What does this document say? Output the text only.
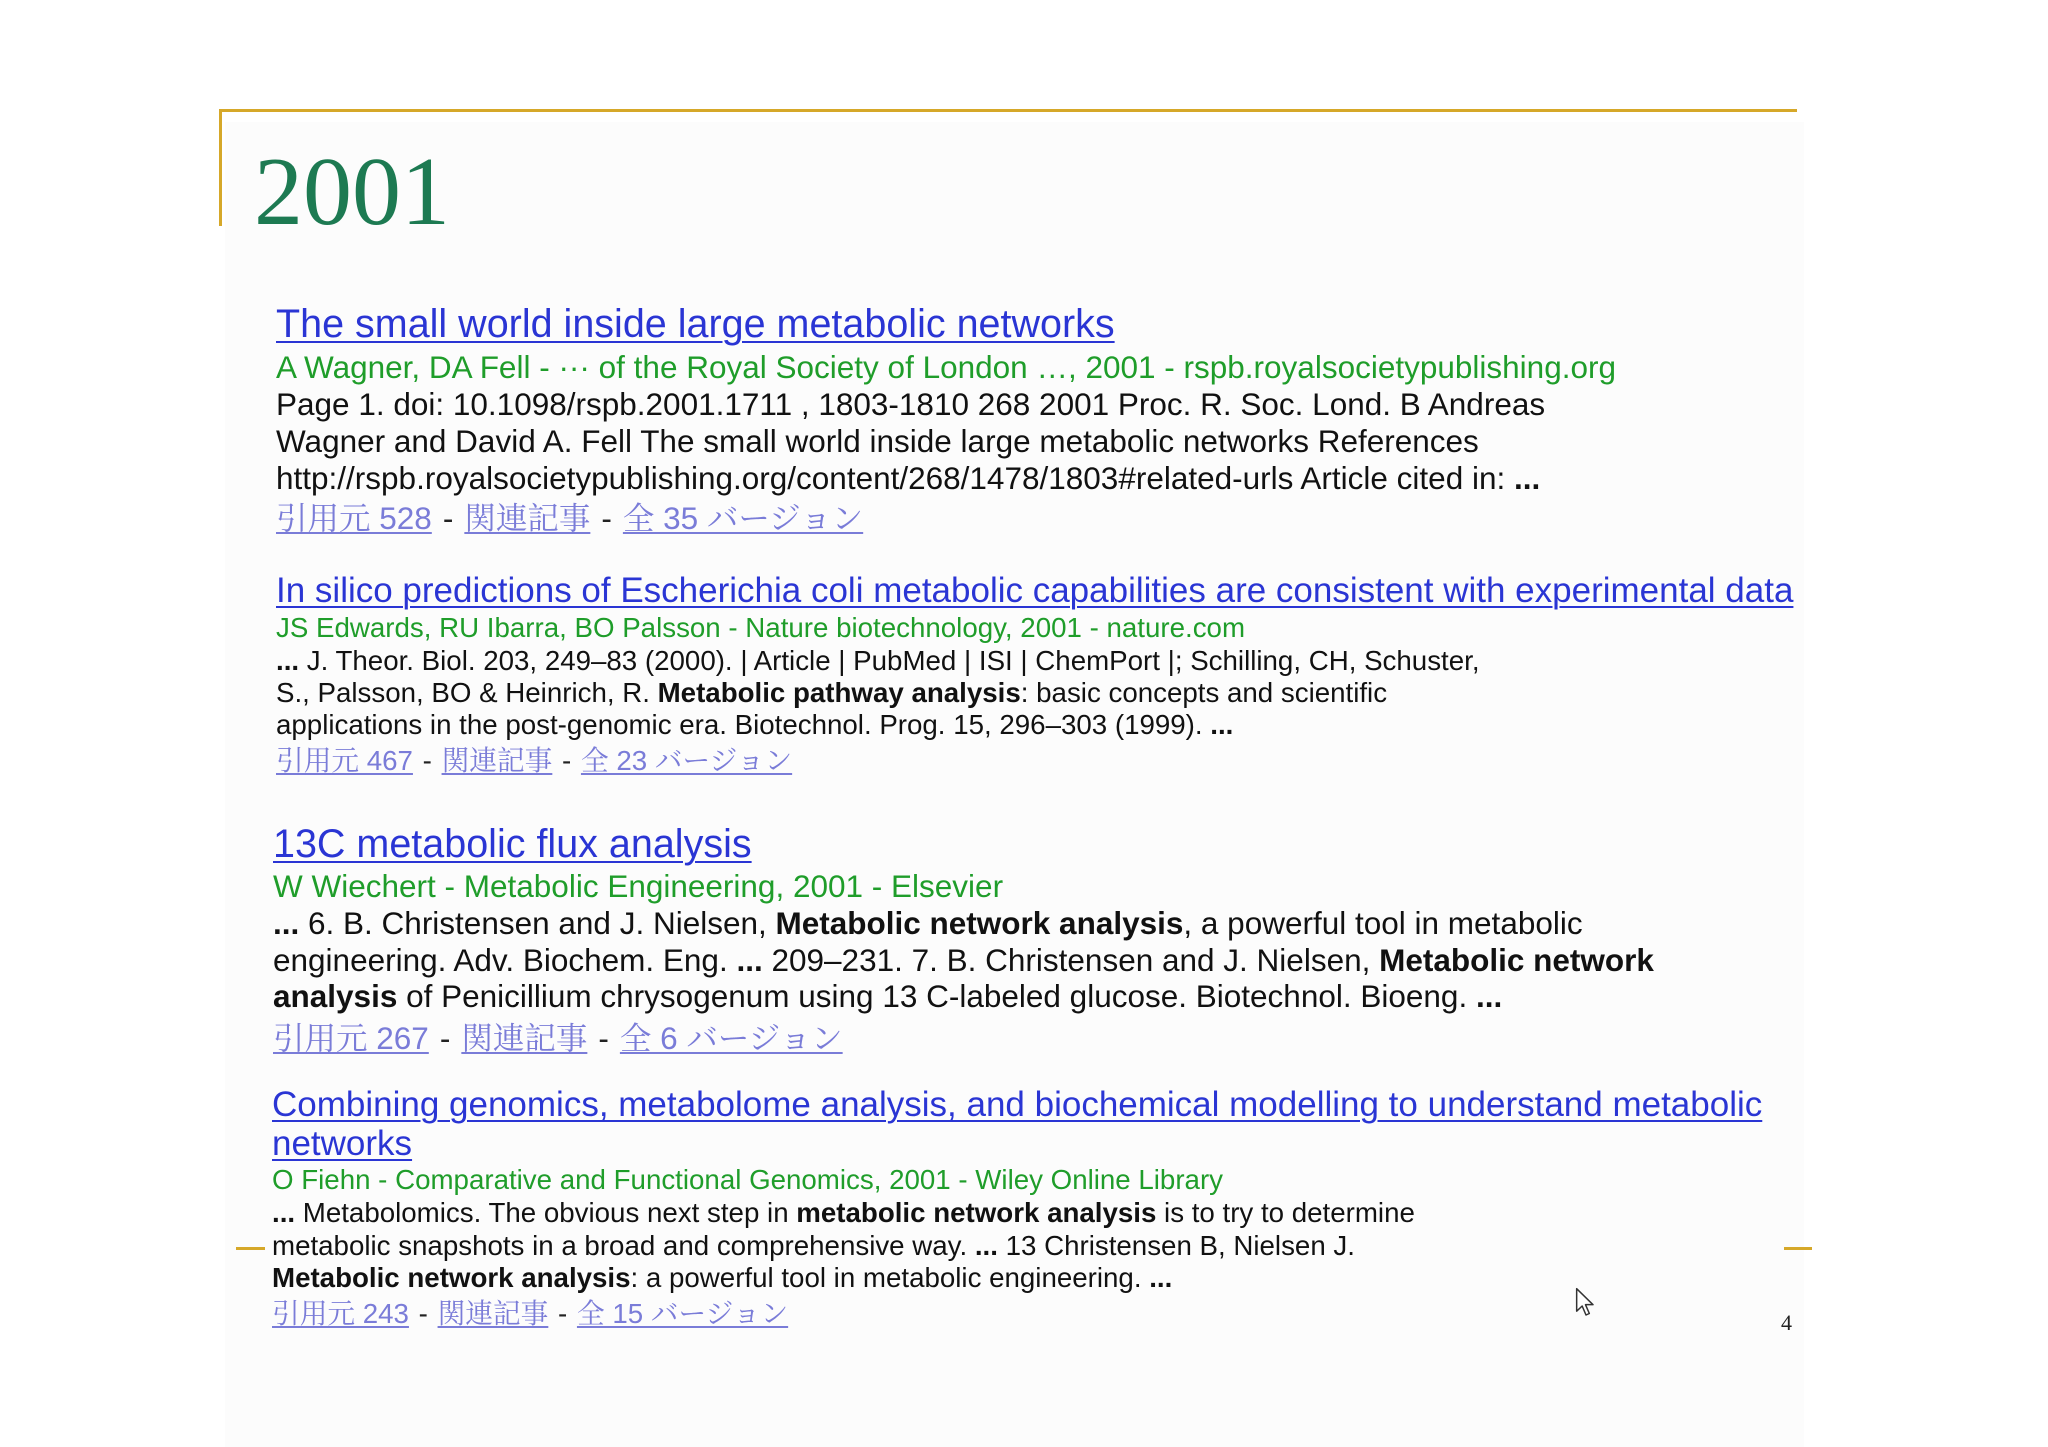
2001
The small world inside large metabolic networks
A Wagner, DA Fell - ··· of the Royal Society of London …, 2001 - rspb.royalsocietypublishing.org
Page 1. doi: 10.1098/rspb.2001.1711 , 1803-1810 268 2001 Proc. R. Soc. Lond. B Andreas
Wagner and David A. Fell The small world inside large metabolic networks References
http://rspb.royalsocietypublishing.org/content/268/1478/1803#related-urls Article cited in: ...
引用元 528 - 関連記事 - 全 35 バージョン
In silico predictions of Escherichia coli metabolic capabilities are consistent with experimental data
JS Edwards, RU Ibarra, BO Palsson - Nature biotechnology, 2001 - nature.com
... J. Theor. Biol. 203, 249–83 (2000). | Article | PubMed | ISI | ChemPort |; Schilling, CH, Schuster,
S., Palsson, BO & Heinrich, R. Metabolic pathway analysis: basic concepts and scientific
applications in the post-genomic era. Biotechnol. Prog. 15, 296–303 (1999). ...
引用元 467 - 関連記事 - 全 23 バージョン
13C metabolic flux analysis
W Wiechert - Metabolic Engineering, 2001 - Elsevier
... 6. B. Christensen and J. Nielsen, Metabolic network analysis, a powerful tool in metabolic
engineering. Adv. Biochem. Eng. ... 209–231. 7. B. Christensen and J. Nielsen, Metabolic network
analysis of Penicillium chrysogenum using 13 C-labeled glucose. Biotechnol. Bioeng. ...
引用元 267 - 関連記事 - 全 6 バージョン
Combining genomics, metabolome analysis, and biochemical modelling to understand metabolic networks
O Fiehn - Comparative and Functional Genomics, 2001 - Wiley Online Library
... Metabolomics. The obvious next step in metabolic network analysis is to try to determine
metabolic snapshots in a broad and comprehensive way. ... 13 Christensen B, Nielsen J.
Metabolic network analysis: a powerful tool in metabolic engineering. ...
引用元 243 - 関連記事 - 全 15 バージョン	4
